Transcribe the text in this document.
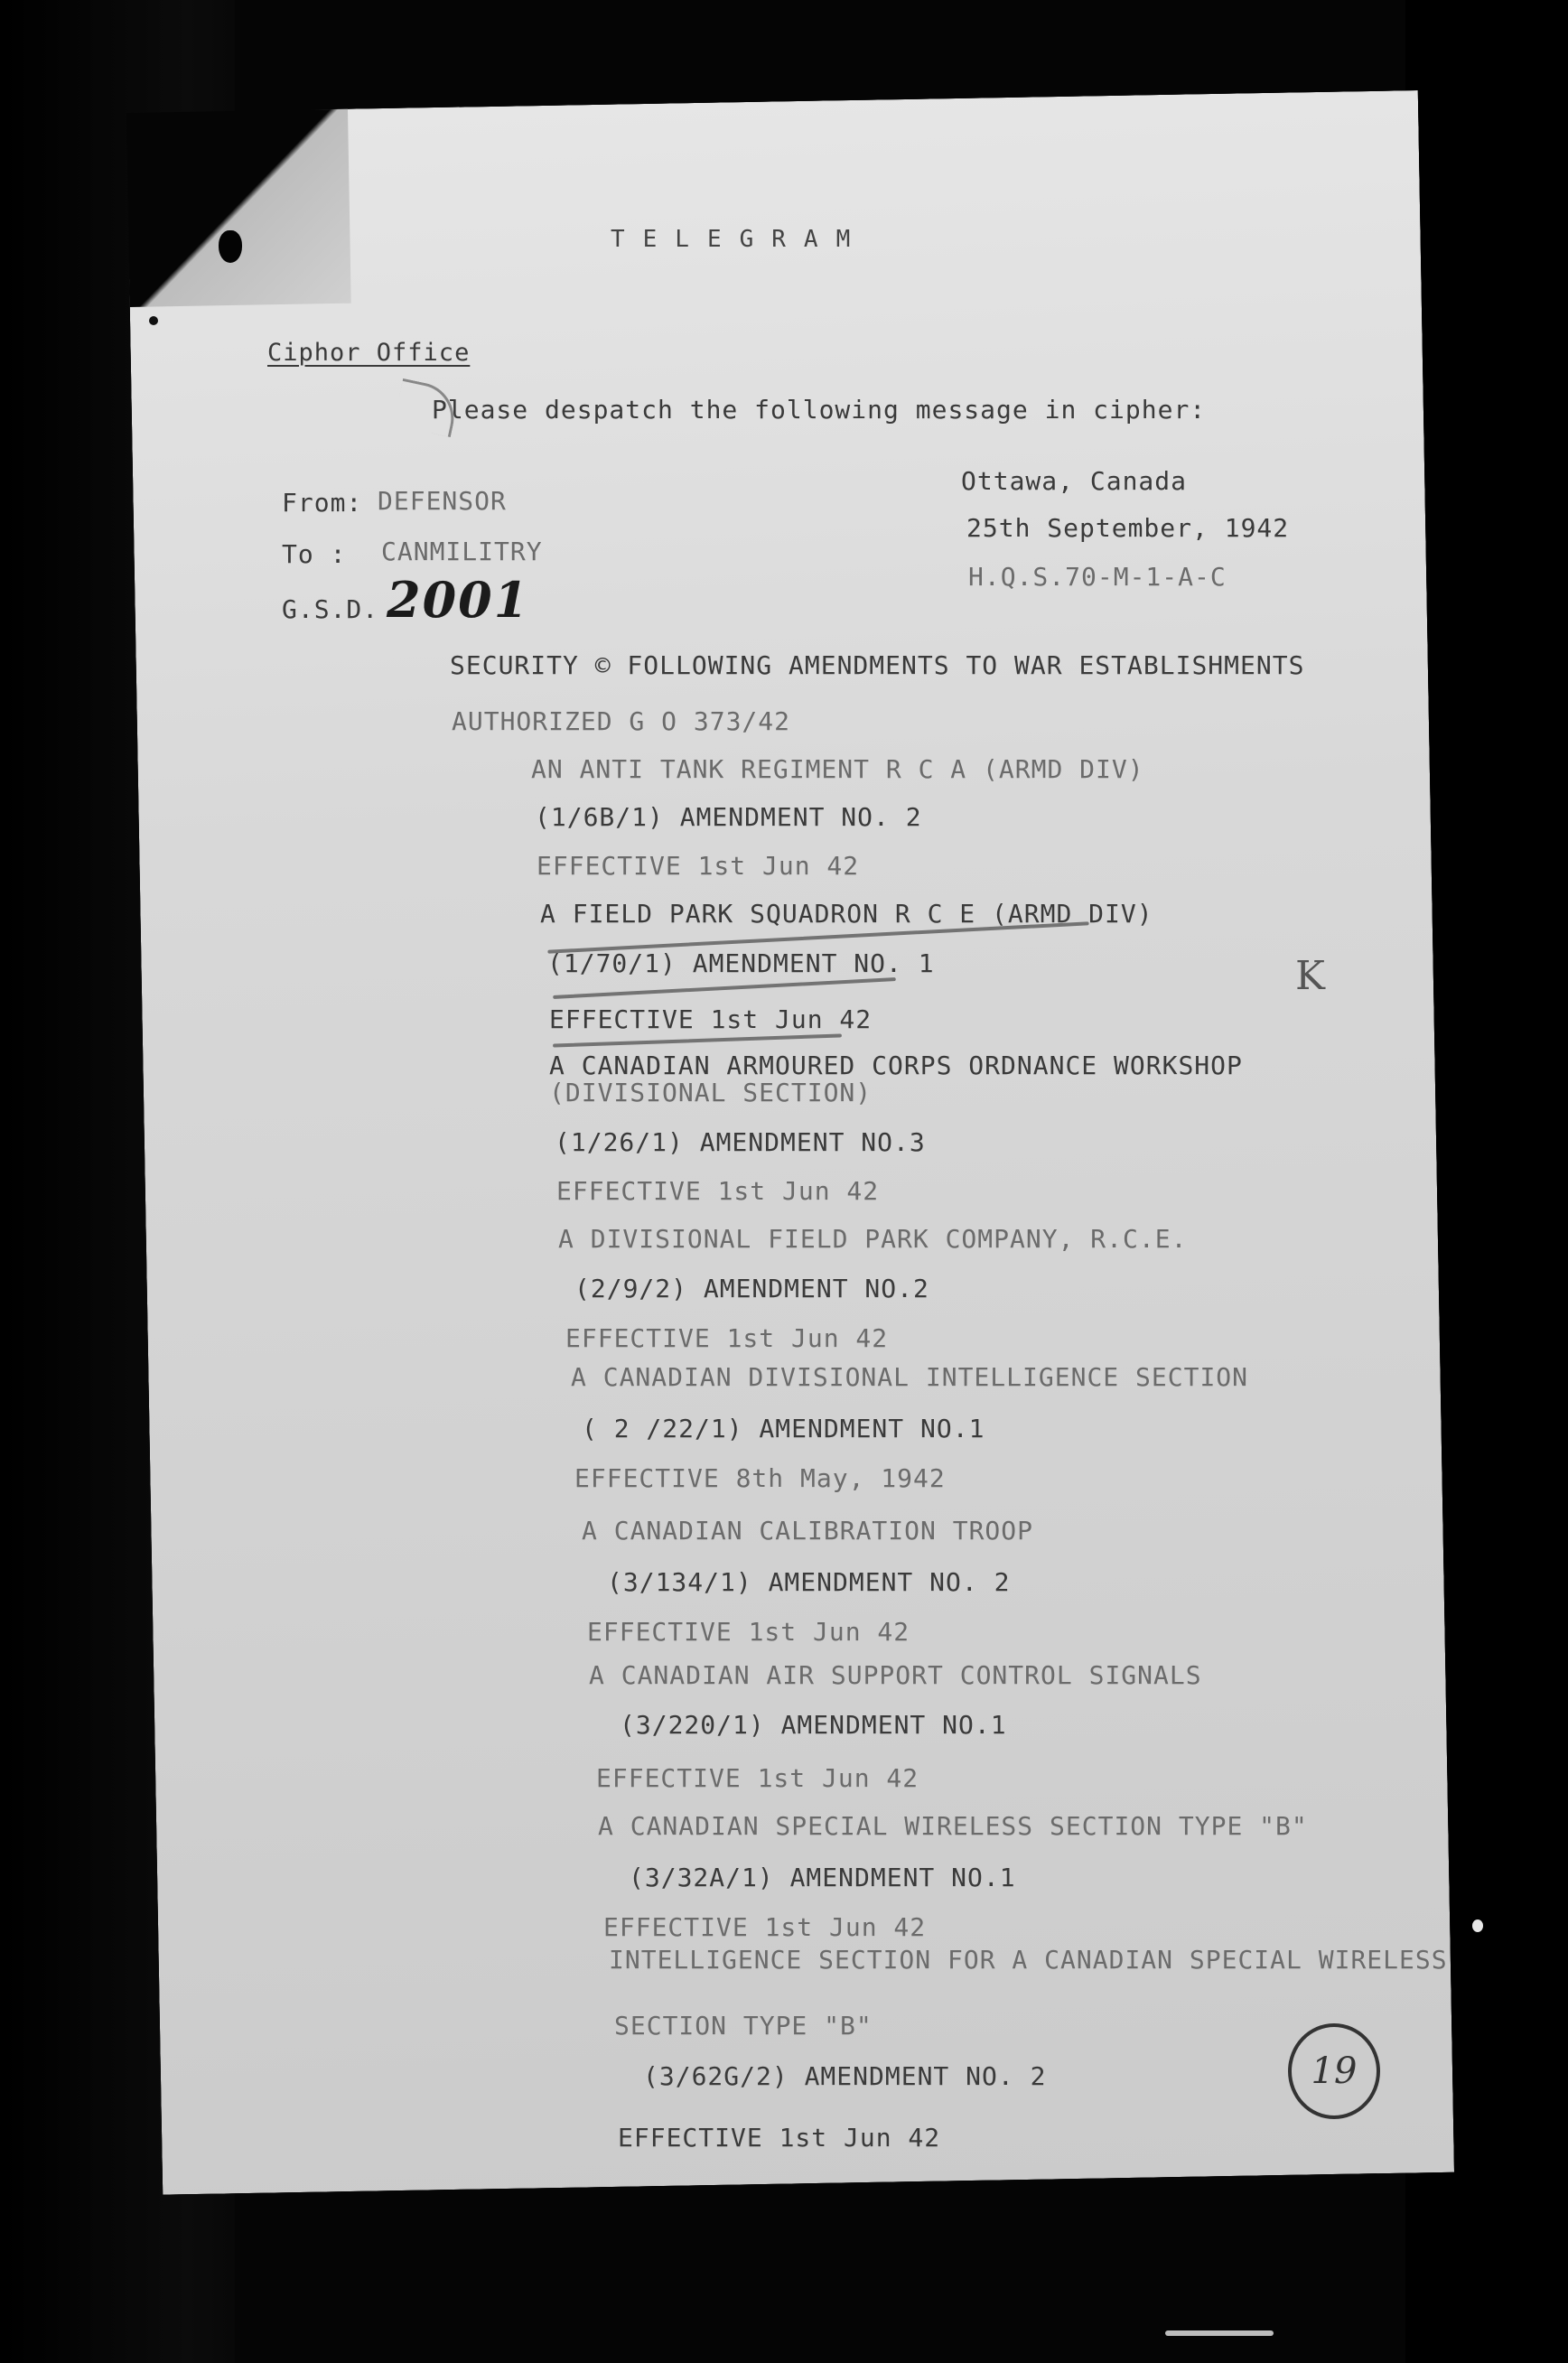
TELEGRAM
Ciphor Office
Please despatch the following message in cipher:
From: DEFENSOR
To : CANMILITRY
G.S.D. 2001
Ottawa, Canada
25th September, 1942
H.Q.S.70-M-1-A-C
SECURITY © FOLLOWING AMENDMENTS TO WAR ESTABLISHMENTS
AUTHORIZED G O 373/42
AN ANTI TANK REGIMENT R C A (ARMD DIV)
(1/6B/1) AMENDMENT NO. 2
EFFECTIVE 1st Jun 42
A FIELD PARK SQUADRON R C E (ARMD DIV)
(1/70/1) AMENDMENT NO. 1
EFFECTIVE 1st Jun 42
A CANADIAN ARMOURED CORPS ORDNANCE WORKSHOP
(DIVISIONAL SECTION)
(1/26/1) AMENDMENT NO.3
EFFECTIVE 1st Jun 42
A DIVISIONAL FIELD PARK COMPANY, R.C.E.
(2/9/2) AMENDMENT NO.2
EFFECTIVE 1st Jun 42
A CANADIAN DIVISIONAL INTELLIGENCE SECTION
( 2 /22/1) AMENDMENT NO.1
EFFECTIVE 8th May, 1942
A CANADIAN CALIBRATION TROOP
(3/134/1) AMENDMENT NO. 2
EFFECTIVE 1st Jun 42
A CANADIAN AIR SUPPORT CONTROL SIGNALS
(3/220/1) AMENDMENT NO.1
EFFECTIVE 1st Jun 42
A CANADIAN SPECIAL WIRELESS SECTION TYPE "B"
(3/32A/1) AMENDMENT NO.1
EFFECTIVE 1st Jun 42
INTELLIGENCE SECTION FOR A CANADIAN SPECIAL WIRELESS
SECTION TYPE "B"
(3/62G/2) AMENDMENT NO. 2
EFFECTIVE 1st Jun 42
K
19
